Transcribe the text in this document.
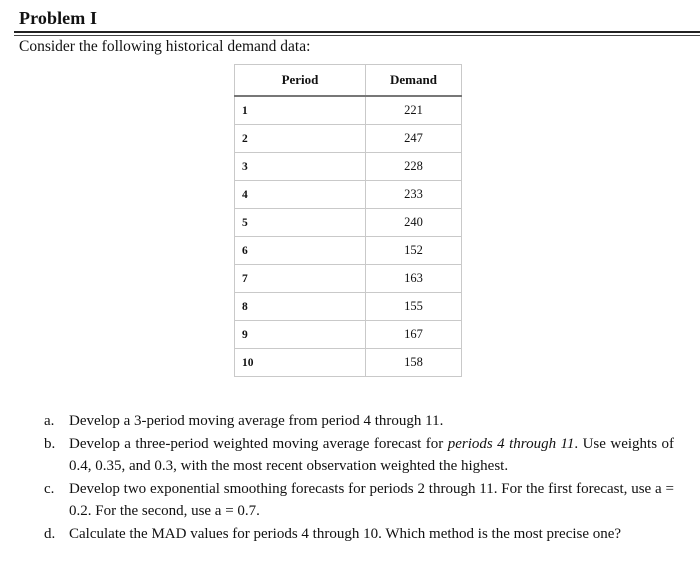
Problem I
Consider the following historical demand data:
Period	Demand
1	221
2	247
3	228
4	233
5	240
6	152
7	163
8	155
9	167
10	158
a. Develop a 3-period moving average from period 4 through 11.
b. Develop a three-period weighted moving average forecast for periods 4 through 11. Use weights of 0.4, 0.35, and 0.3, with the most recent observation weighted the highest.
c. Develop two exponential smoothing forecasts for periods 2 through 11. For the first forecast, use a = 0.2. For the second, use a = 0.7.
d. Calculate the MAD values for periods 4 through 10. Which method is the most precise one?
